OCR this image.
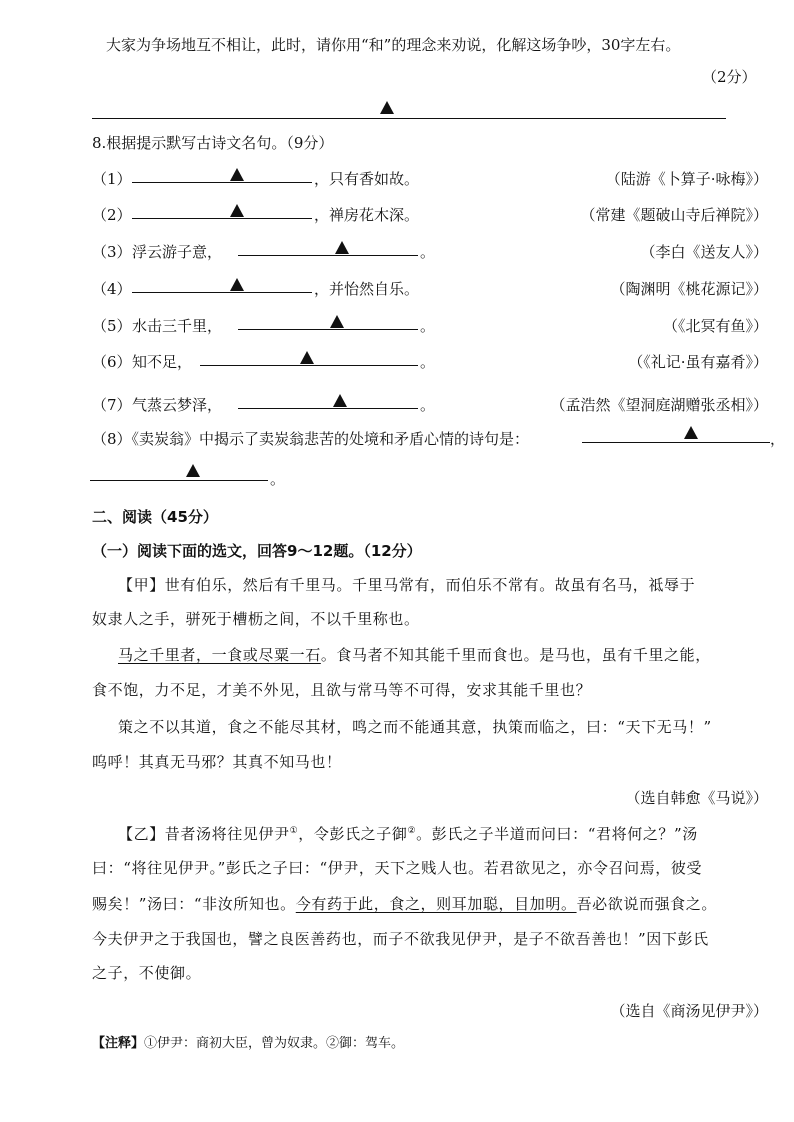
大家为争场地互不相让，此时，请你用“和”的理念来劝说，化解这场争吵，30字左右。
（2分）
8.根据提示默写古诗文名句。（9分）
（1）	，只有香如故。	（陆游《卜算子·咏梅》）
（2）	，禅房花木深。	（常建《题破山寺后禅院》）
（3） 浮云游子意，	。	（李白《送友人》）
（4）	，并怡然自乐。	（陶渊明《桃花源记》）
（5） 水击三千里，	。	（《北冥有鱼》）
（6） 知不足，	。	（《礼记·虽有嘉肴》）
（7） 气蒸云梦泽，	。	（孟浩然《望洞庭湖赠张丞相》）
（8）《卖炭翁》中揭示了卖炭翁悲苦的处境和矛盾心情的诗句是：	，
。
二、阅读（45分）
（一）阅读下面的选文，回答9～12题。（12分）
【甲】世有伯乐，然后有千里马。千里马常有，而伯乐不常有。故虽有名马，祗辱于
奴隶人之手，骈死于槽枥之间，不以千里称也。
马之千里者，一食或尽粟一石。食马者不知其能千里而食也。是马也，虽有千里之能，
食不饱，力不足，才美不外见，且欲与常马等不可得，安求其能千里也？
策之不以其道，食之不能尽其材，鸣之而不能通其意，执策而临之，曰：“天下无马！”
呜呼！其真无马邪？其真不知马也！
（选自韩愈《马说》）
【乙】昔者汤将往见伊尹①，令彭氏之子御②。彭氏之子半道而问曰：“君将何之？”汤
曰：“将往见伊尹。”彭氏之子曰：“伊尹，天下之贱人也。若君欲见之，亦令召问焉，彼受
赐矣！”汤曰：“非汝所知也。今有药于此，食之，则耳加聪，目加明。吾必欲说而强食之。
今夫伊尹之于我国也，譬之良医善药也，而子不欲我见伊尹，是子不欲吾善也！”因下彭氏
之子，不使御。
（选自《商汤见伊尹》）
【注释】①伊尹：商初大臣，曾为奴隶。②御：驾车。
